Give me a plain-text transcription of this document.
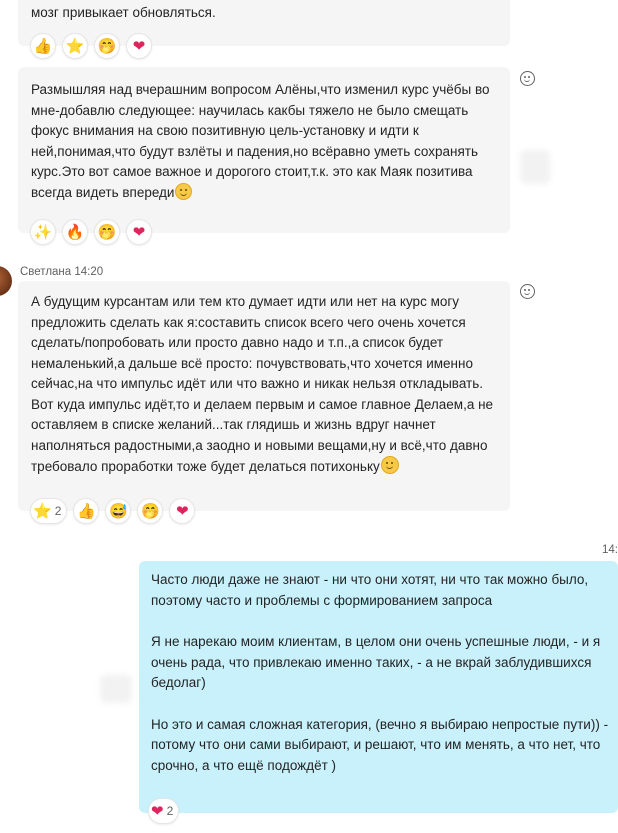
мозг привыкает обновляться.
👍 ⭐ 🤭 ❤
Размышляя над вчерашним вопросом Алёны,что изменил курс учёбы во
мне-добавлю следующее: научилась какбы тяжело не было смещать
фокус внимания на свою позитивную цель-установку и идти к
ней,понимая,что будут взлёты и падения,но всёравно уметь сохранять
курс.Это вот самое важное и дорогого стоит,т.к. это как Маяк позитива
всегда видеть впереди
✨ 🔥 🤭 ❤
Светлана 14:20
А будущим курсантам или тем кто думает идти или нет на курс могу
предложить сделать как я:составить список всего чего очень хочется
сделать/попробовать или просто давно надо и т.п.,а список будет
немаленький,а дальше всё просто: почувствовать,что хочется именно
сейчас,на что импульс идёт или что важно и никак нельзя откладывать.
Вот куда импульс идёт,то и делаем первым и самое главное Делаем,а не
оставляем в списке желаний...так глядишь и жизнь вдруг начнет
наполняться радостными,а заодно и новыми вещами,ну и всё,что давно
требовало проработки тоже будет делаться потихоньку
⭐ 2 👍 😅 🤭 ❤
14:
Часто люди даже не знают - ни что они хотят, ни что так можно было,
поэтому часто и проблемы с формированием запроса
Я не нарекаю моим клиентам, в целом они очень успешные люди, - и я
очень рада, что привлекаю именно таких, - а не вкрай заблудившихся
бедолаг)
Но это и самая сложная категория, (вечно я выбираю непростые пути)) -
потому что они сами выбирают, и решают, что им менять, а что нет, что
срочно, а что ещё подождёт )
❤ 2
